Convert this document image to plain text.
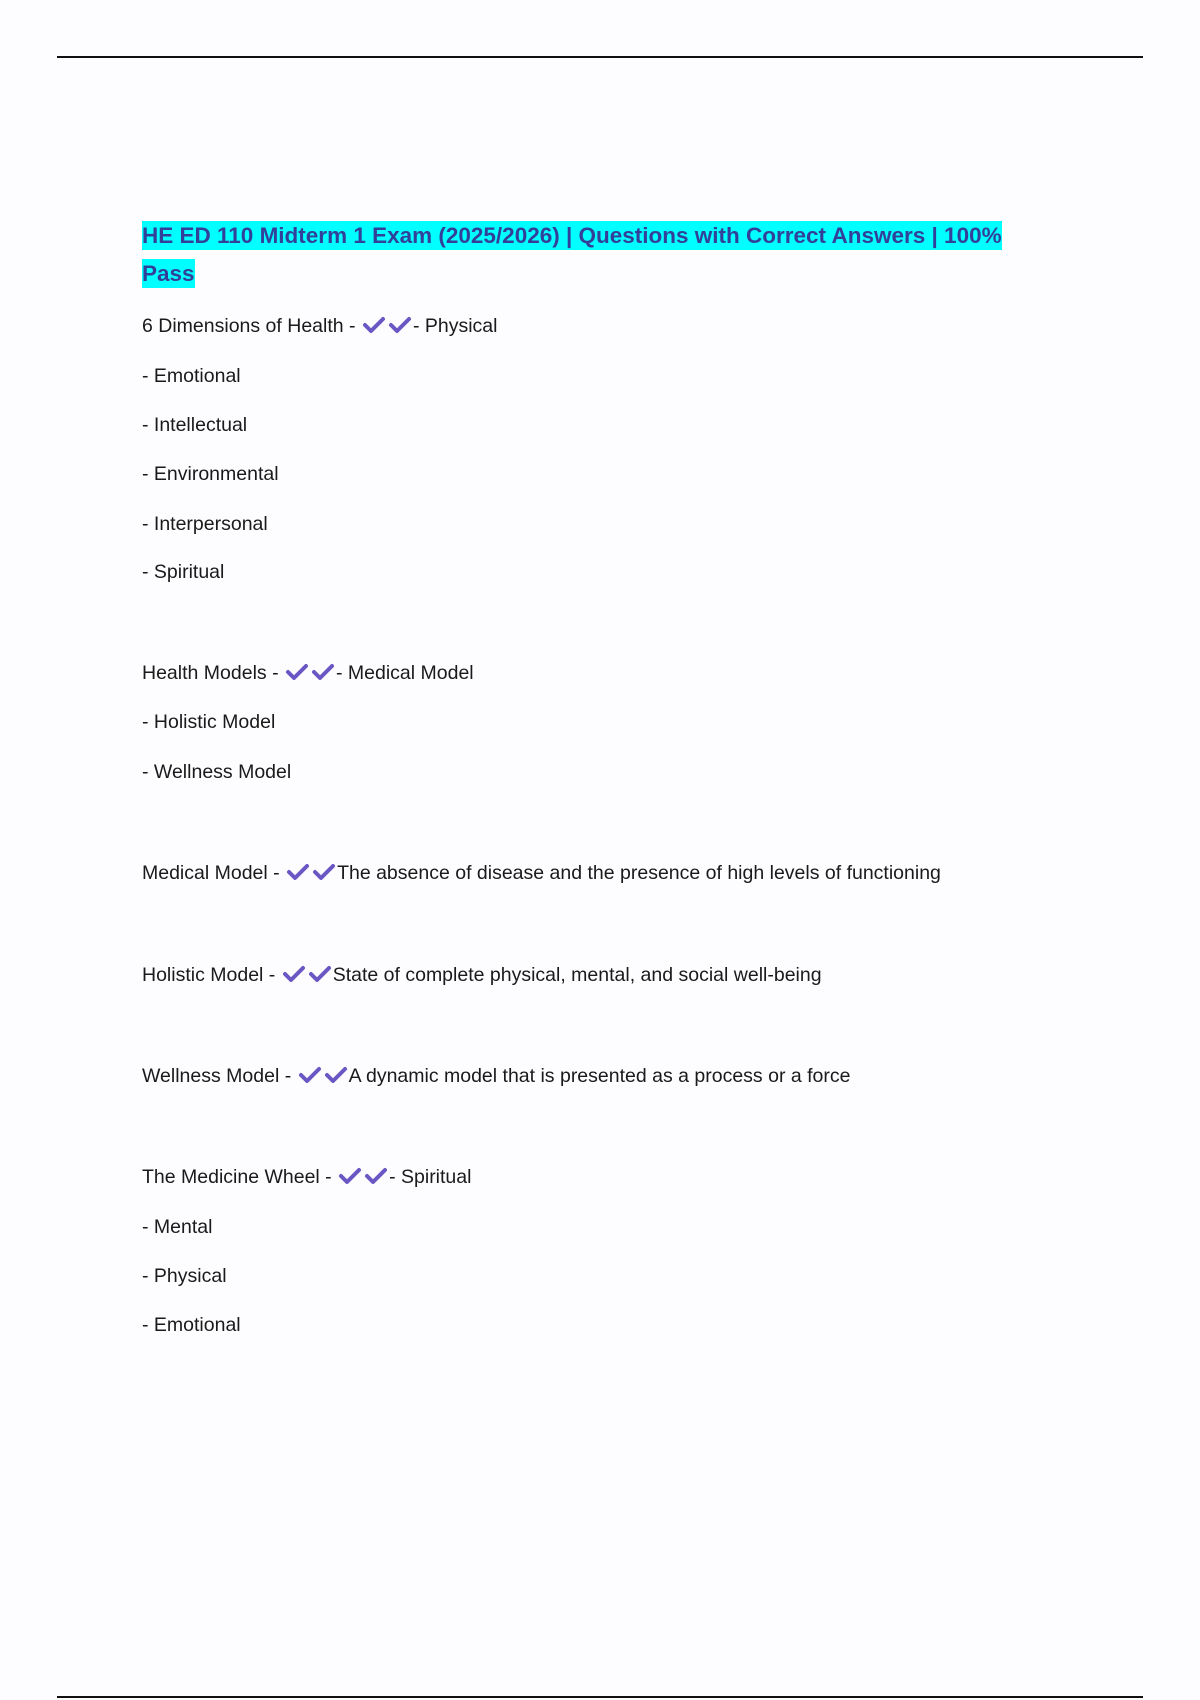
HE ED 110 Midterm 1 Exam (2025/2026) | Questions with Correct Answers | 100% Pass
6 Dimensions of Health -	- Physical
- Emotional
- Intellectual
- Environmental
- Interpersonal
- Spiritual
Health Models -	- Medical Model
- Holistic Model
- Wellness Model
Medical Model -	The absence of disease and the presence of high levels of functioning
Holistic Model -	State of complete physical, mental, and social well-being
Wellness Model -	A dynamic model that is presented as a process or a force
The Medicine Wheel -	- Spiritual
- Mental
- Physical
- Emotional
